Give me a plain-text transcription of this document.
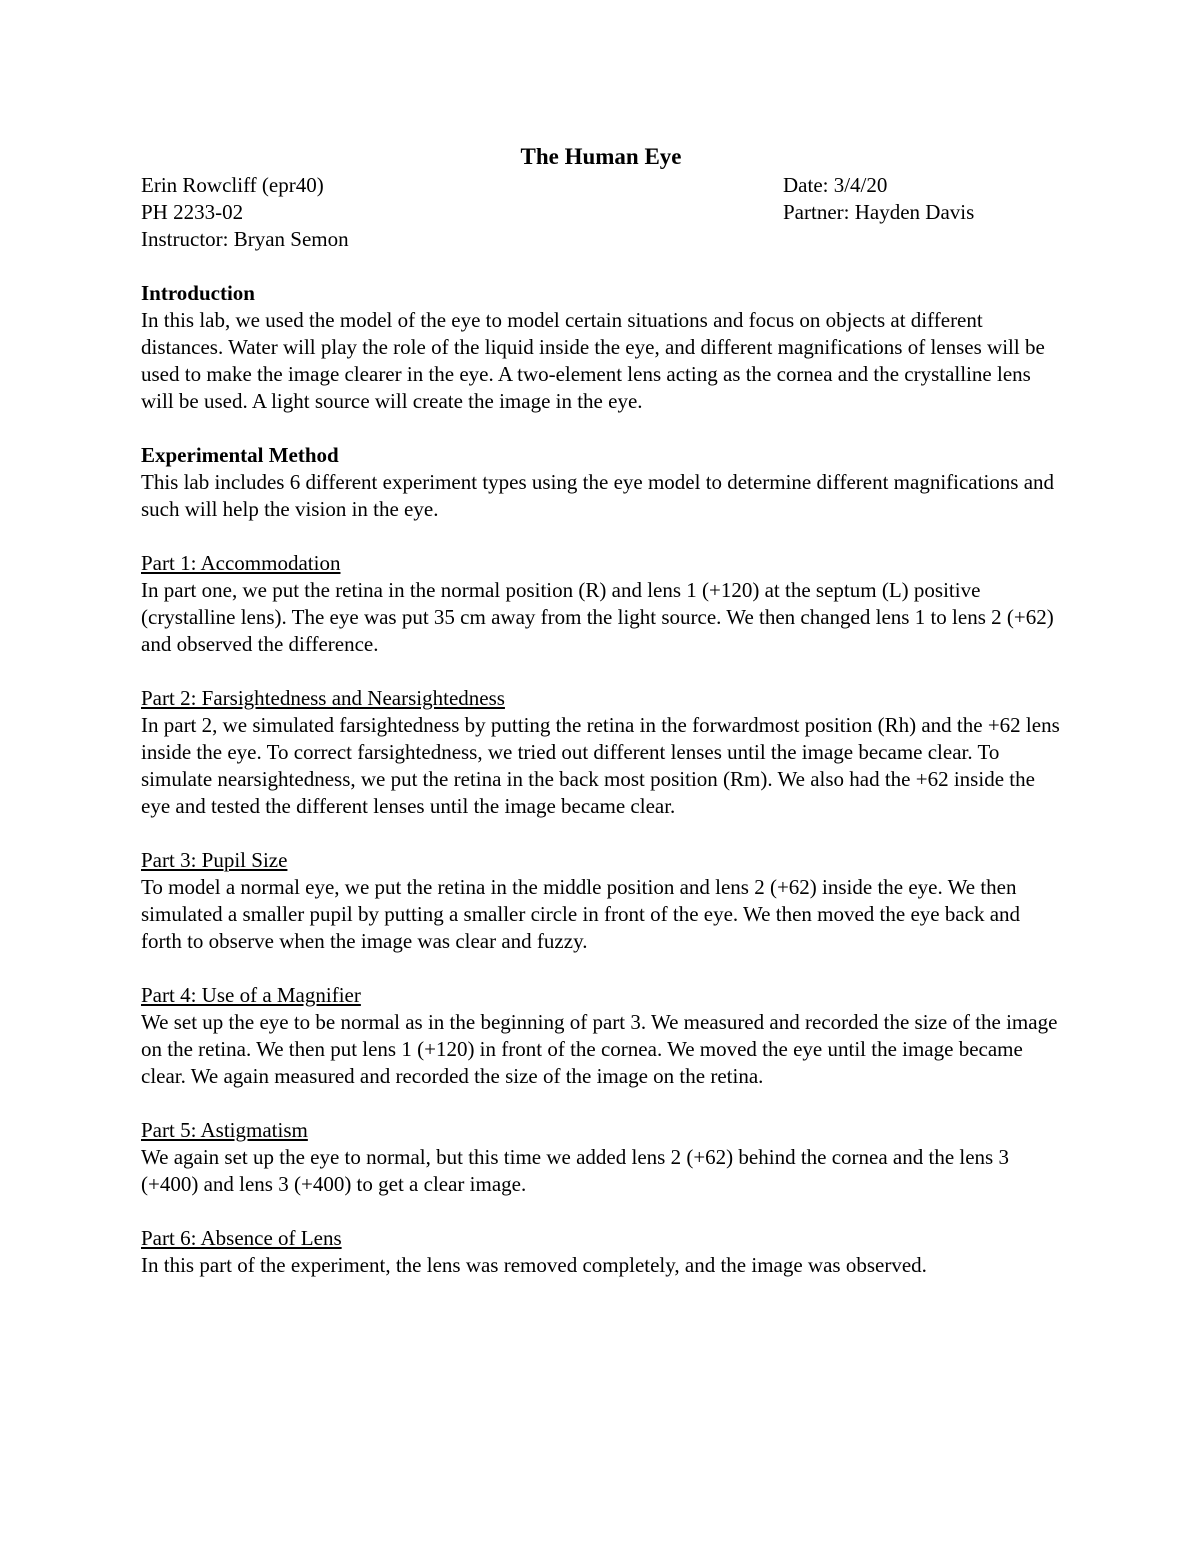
The Human Eye
Erin Rowcliff (epr40)	Date: 3/4/20
PH 2233-02	Partner: Hayden Davis
Instructor: Bryan Semon
Introduction

In this lab, we used the model of the eye to model certain situations and focus on objects at different distances. Water will play the role of the liquid inside the eye, and different magnifications of lenses will be used to make the image clearer in the eye. A two-element lens acting as the cornea and the crystalline lens will be used. A light source will create the image in the eye.

Experimental Method

This lab includes 6 different experiment types using the eye model to determine different magnifications and such will help the vision in the eye.

Part 1: Accommodation

In part one, we put the retina in the normal position (R) and lens 1 (+120) at the septum (L) positive (crystalline lens). The eye was put 35 cm away from the light source. We then changed lens 1 to lens 2 (+62) and observed the difference.

Part 2: Farsightedness and Nearsightedness

In part 2, we simulated farsightedness by putting the retina in the forwardmost position (Rh) and the +62 lens inside the eye. To correct farsightedness, we tried out different lenses until the image became clear. To simulate nearsightedness, we put the retina in the back most position (Rm). We also had the +62 inside the eye and tested the different lenses until the image became clear.

Part 3: Pupil Size

To model a normal eye, we put the retina in the middle position and lens 2 (+62) inside the eye. We then simulated a smaller pupil by putting a smaller circle in front of the eye. We then moved the eye back and forth to observe when the image was clear and fuzzy.

Part 4: Use of a Magnifier

We set up the eye to be normal as in the beginning of part 3. We measured and recorded the size of the image on the retina. We then put lens 1 (+120) in front of the cornea. We moved the eye until the image became clear. We again measured and recorded the size of the image on the retina.

Part 5: Astigmatism

We again set up the eye to normal, but this time we added lens 2 (+62) behind the cornea and the lens 3 (+400) and lens 3 (+400) to get a clear image.

Part 6: Absence of Lens

In this part of the experiment, the lens was removed completely, and the image was observed.
